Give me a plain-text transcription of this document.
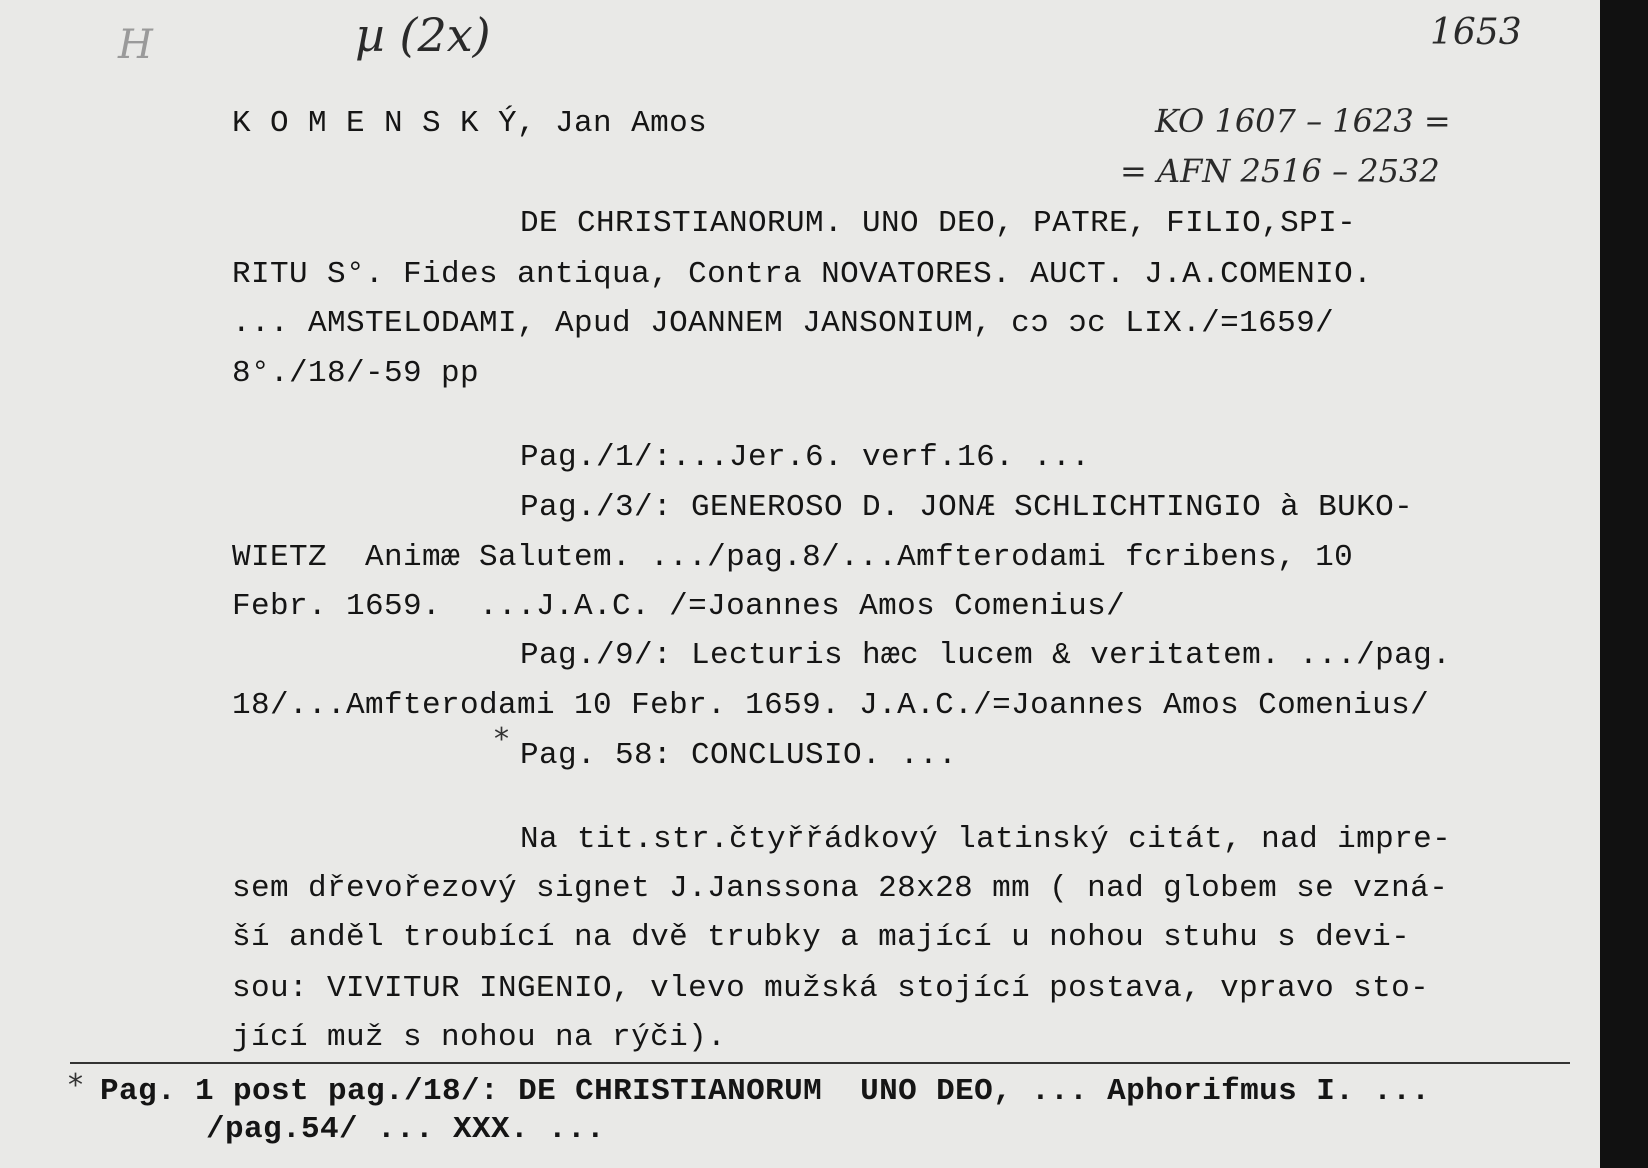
H	µ (2x)	1653
KO 1607 – 1623 =
= AFN 2516 – 2532
K O M E N S K Ý, Jan Amos
DE CHRISTIANORUM. UNO DEO, PATRE, FILIO,SPI-
RITU S°. Fides antiqua, Contra NOVATORES. AUCT. J.A.COMENIO.
... AMSTELODAMI, Apud JOANNEM JANSONIUM, cɔ ɔc LIX./=1659/
8°./18/-59 pp
Pag./1/:...Jer.6. verf.16. ...
Pag./3/: GENEROSO D. JONÆ SCHLICHTINGIO à BUKO-
WIETZ  Animæ Salutem. .../pag.8/...Amfterodami fcribens, 10
Febr. 1659.  ...J.A.C. /=Joannes Amos Comenius/
Pag./9/: Lecturis hæc lucem & veritatem. .../pag.
18/...Amfterodami 10 Febr. 1659. J.A.C./=Joannes Amos Comenius/
* Pag. 58: CONCLUSIO. ...
Na tit.str.čtyřřádkový latinský citát, nad impre-
sem dřevořezový signet J.Janssona 28x28 mm ( nad globem se vzná-
ší anděl troubící na dvě trubky a mající u nohou stuhu s devi-
sou: VIVITUR INGENIO, vlevo mužská stojící postava, vpravo sto-
jící muž s nohou na rýči).
* Pag. 1 post pag./18/: DE CHRISTIANORUM  UNO DEO, ... Aphorifmus I. ...
/pag.54/ ... XXX. ...
